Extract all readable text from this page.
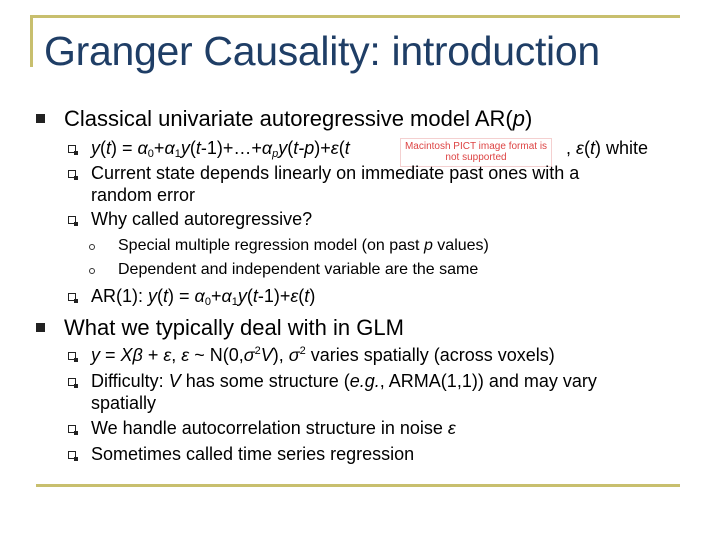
Granger Causality: introduction
Classical univariate autoregressive model AR(p)
$y(t) = \alpha_0+\alpha_1y(t-1)+\dots+\alpha_py(t-p)+\varepsilon(t$	Macintosh PICT image format is not supported	, ε(t) white
Current state depends linearly on immediate past ones with a
random error
Why called autoregressive?
Special multiple regression model (on past p values)
Dependent and independent variable are the same
AR(1): $y(t) = \alpha_0+\alpha_1y(t-1)+\varepsilon(t)$
What we typically deal with in GLM
y = Xβ + ε, ε ~ $N(0,\sigma^2V)$, $\sigma^2$ varies spatially (across voxels)
Difficulty: V has some structure (e.g., ARMA(1,1)) and may vary
spatially
We handle autocorrelation structure in noise ε
Sometimes called time series regression
